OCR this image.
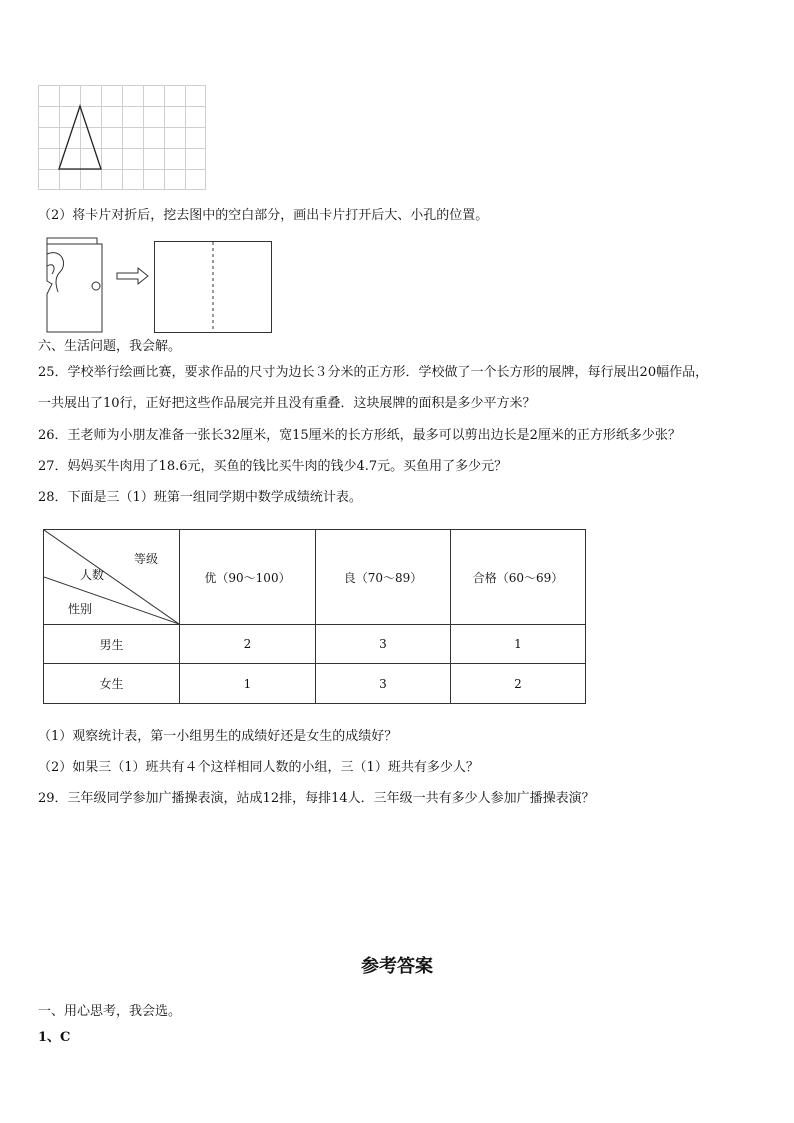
（2）将卡片对折后，挖去图中的空白部分，画出卡片打开后大、小孔的位置。
六、生活问题，我会解。
25．学校举行绘画比赛，要求作品的尺寸为边长３分米的正方形．学校做了一个长方形的展牌，每行展出20幅作品，
一共展出了10行，正好把这些作品展完并且没有重叠．这块展牌的面积是多少平方米？
26．王老师为小朋友准备一张长32厘米，宽15厘米的长方形纸，最多可以剪出边长是2厘米的正方形纸多少张？
27．妈妈买牛肉用了18.6元，买鱼的钱比买牛肉的钱少4.7元。买鱼用了多少元？
28．下面是三（1）班第一组同学期中数学成绩统计表。
等级
人数
性别	优（90～100）	良（70～89）	合格（60～69）
男生	2	3	1
女生	1	3	2
（1）观察统计表，第一小组男生的成绩好还是女生的成绩好？
（2）如果三（1）班共有４个这样相同人数的小组，三（1）班共有多少人？
29．三年级同学参加广播操表演，站成12排，每排14人．三年级一共有多少人参加广播操表演？
参考答案
一、用心思考，我会选。
1、C
